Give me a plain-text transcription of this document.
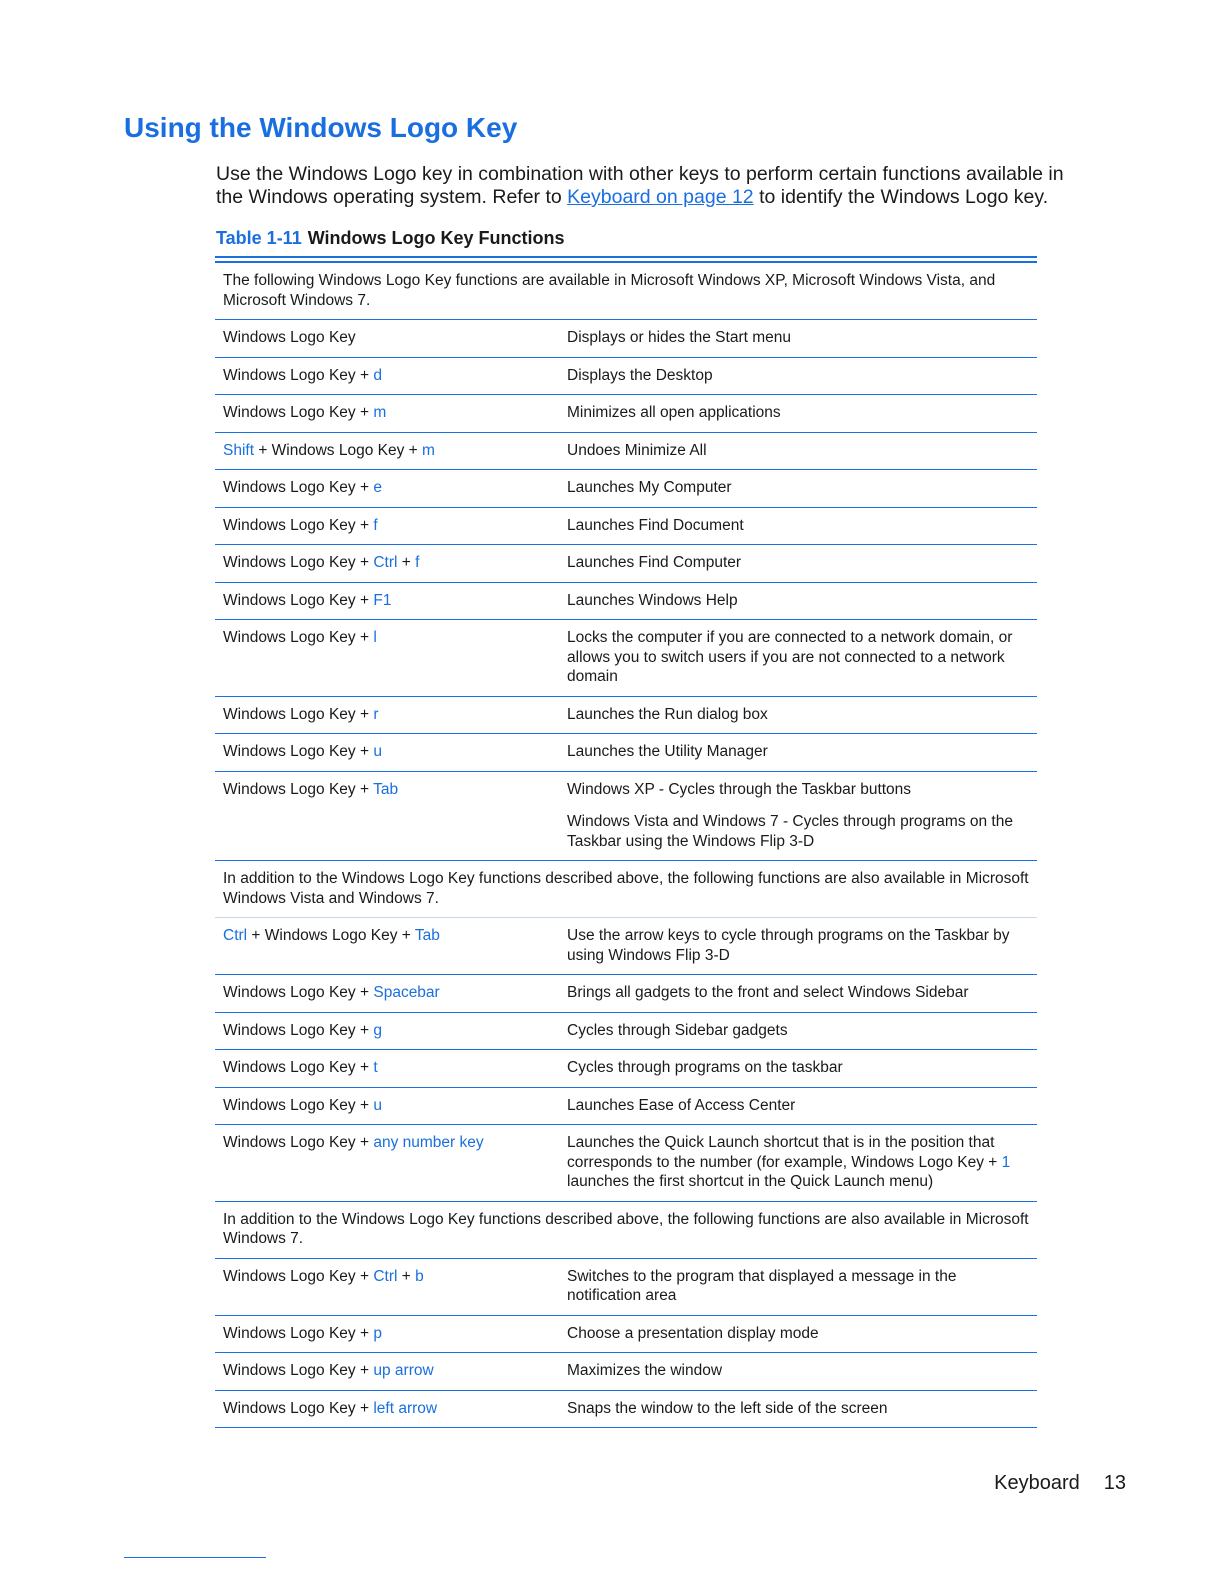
Using the Windows Logo Key

Use the Windows Logo key in combination with other keys to perform certain functions available in the Windows operating system. Refer to Keyboard on page 12 to identify the Windows Logo key.

Table 1-11 Windows Logo Key Functions
The following Windows Logo Key functions are available in Microsoft Windows XP, Microsoft Windows Vista, and Microsoft Windows 7.
Windows Logo Key	Displays or hides the Start menu

Windows Logo Key + d	Displays the Desktop

Windows Logo Key + m	Minimizes all open applications

Shift + Windows Logo Key + m	Undoes Minimize All

Windows Logo Key + e	Launches My Computer

Windows Logo Key + f	Launches Find Document

Windows Logo Key + Ctrl + f	Launches Find Computer

Windows Logo Key + F1	Launches Windows Help

Windows Logo Key + l	Locks the computer if you are connected to a network domain, or allows you to switch users if you are not connected to a network domain

Windows Logo Key + r	Launches the Run dialog box

Windows Logo Key + u	Launches the Utility Manager

Windows Logo Key + Tab	Windows XP - Cycles through the Taskbar buttons

Windows Vista and Windows 7 - Cycles through programs on the Taskbar using the Windows Flip 3-D

In addition to the Windows Logo Key functions described above, the following functions are also available in Microsoft Windows Vista and Windows 7.
Ctrl + Windows Logo Key + Tab	Use the arrow keys to cycle through programs on the Taskbar by using Windows Flip 3-D

Windows Logo Key + Spacebar	Brings all gadgets to the front and select Windows Sidebar

Windows Logo Key + g	Cycles through Sidebar gadgets

Windows Logo Key + t	Cycles through programs on the taskbar

Windows Logo Key + u	Launches Ease of Access Center

Windows Logo Key + any number key	Launches the Quick Launch shortcut that is in the position that corresponds to the number (for example, Windows Logo Key + 1 launches the first shortcut in the Quick Launch menu)

In addition to the Windows Logo Key functions described above, the following functions are also available in Microsoft Windows 7.
Windows Logo Key + Ctrl + b	Switches to the program that displayed a message in the notification area

Windows Logo Key + p	Choose a presentation display mode

Windows Logo Key + up arrow	Maximizes the window

Windows Logo Key + left arrow	Snaps the window to the left side of the screen

Keyboard 13
